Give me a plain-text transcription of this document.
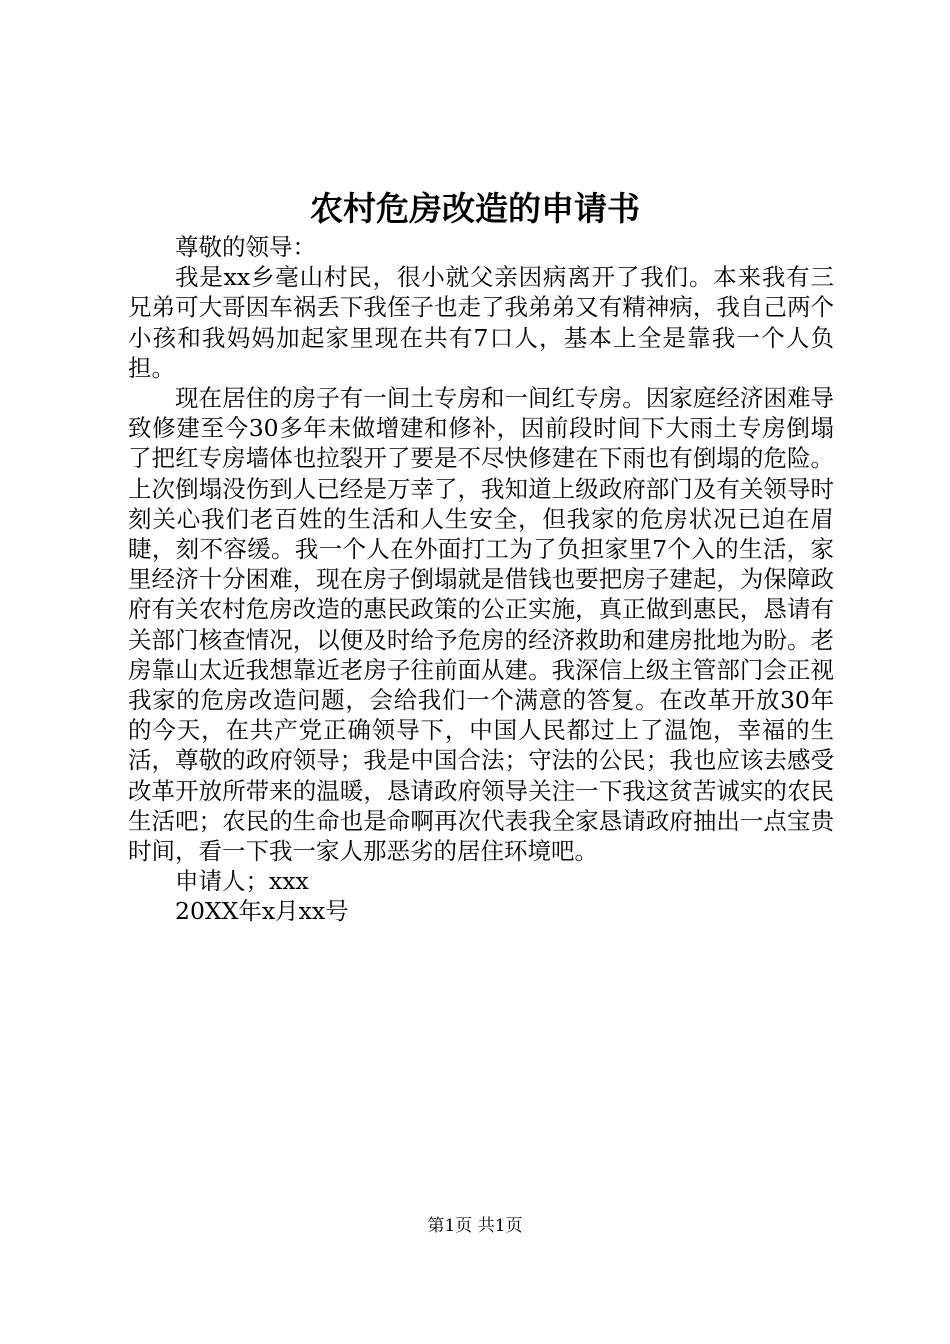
农村危房改造的申请书

尊敬的领导：

我是xx乡毫山村民，很小就父亲因病离开了我们。本来我有三兄弟可大哥因车祸丢下我侄子也走了我弟弟又有精神病，我自己两个小孩和我妈妈加起家里现在共有7口人，基本上全是靠我一个人负担。

现在居住的房子有一间土专房和一间红专房。因家庭经济困难导致修建至今30多年未做增建和修补，因前段时间下大雨土专房倒塌了把红专房墙体也拉裂开了要是不尽快修建在下雨也有倒塌的危险。上次倒塌没伤到人已经是万幸了，我知道上级政府部门及有关领导时刻关心我们老百姓的生活和人生安全，但我家的危房状况已迫在眉睫，刻不容缓。我一个人在外面打工为了负担家里7个入的生活，家里经济十分困难，现在房子倒塌就是借钱也要把房子建起，为保障政府有关农村危房改造的惠民政策的公正实施，真正做到惠民，恳请有关部门核查情况，以便及时给予危房的经济救助和建房批地为盼。老房靠山太近我想靠近老房子往前面从建。我深信上级主管部门会正视我家的危房改造问题，会给我们一个满意的答复。在改革开放30年的今天，在共产党正确领导下，中国人民都过上了温饱，幸福的生活，尊敬的政府领导；我是中国合法；守法的公民；我也应该去感受改革开放所带来的温暖，恳请政府领导关注一下我这贫苦诚实的农民生活吧；农民的生命也是命啊再次代表我全家恳请政府抽出一点宝贵时间，看一下我一家人那恶劣的居住环境吧。

申请人；xxx

20XX年x月xx号

第1页 共1页
